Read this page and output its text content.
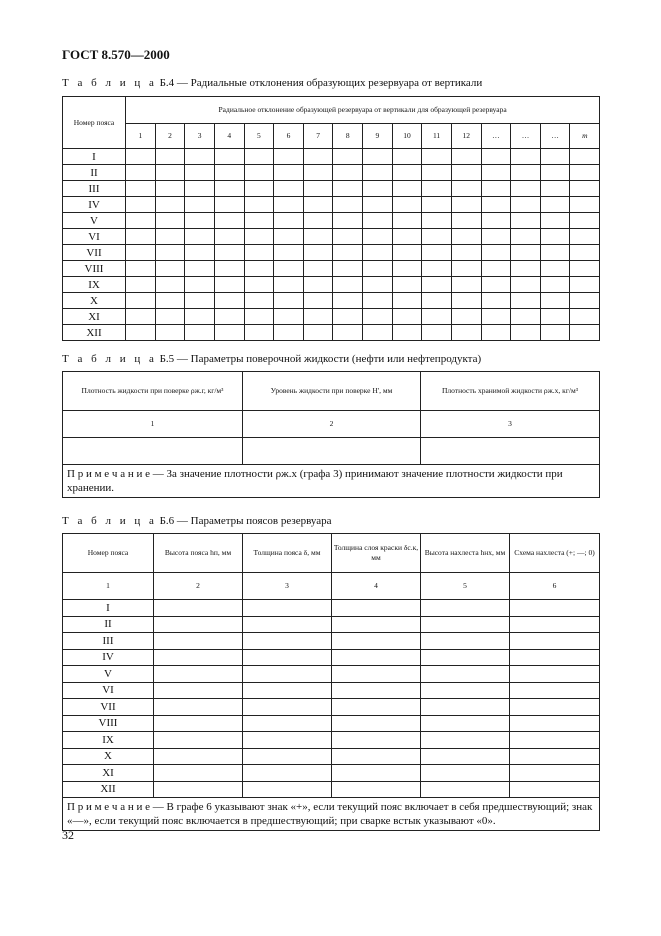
ГОСТ 8.570—2000
Т а б л и ц а Б.4 — Радиальные отклонения образующих резервуара от вертикали
Номер пояса	Радиальное отклонение образующей резервуара от вертикали для образующей резервуара															
	1	2	3	4	5	6	7	8	9	10	11	12	…	…	…	m
I																
II																
III																
IV																
V																
VI																
VII																
VIII																
IX																
X																
XI																
XII																
Т а б л и ц а Б.5 — Параметры поверочной жидкости (нефти или нефтепродукта)
Плотность жидкости при поверке ρж.г, кг/м³	Уровень жидкости при поверке H', мм	Плотность хранимой жидкости ρж.х, кг/м³
1	2	3

П р и м е ч а н и е — За значение плотности ρж.х (графа 3) принимают значение плотности жидкости при хранении.		
Т а б л и ц а Б.6 — Параметры поясов резервуара
Номер пояса	Высота пояса hп, мм	Толщина пояса δ, мм	Толщина слоя краски δс.к, мм	Высота нахлеста hнх, мм	Схема нахлеста (+; —; 0)
1	2	3	4	5	6
I					
II					
III					
IV					
V					
VI					
VII					
VIII					
IX					
X					
XI					
XII					
П р и м е ч а н и е — В графе 6 указывают знак «+», если текущий пояс включает в себя предшествующий; знак «—», если текущий пояс включается в предшествующий; при сварке встык указывают «0».					
32
